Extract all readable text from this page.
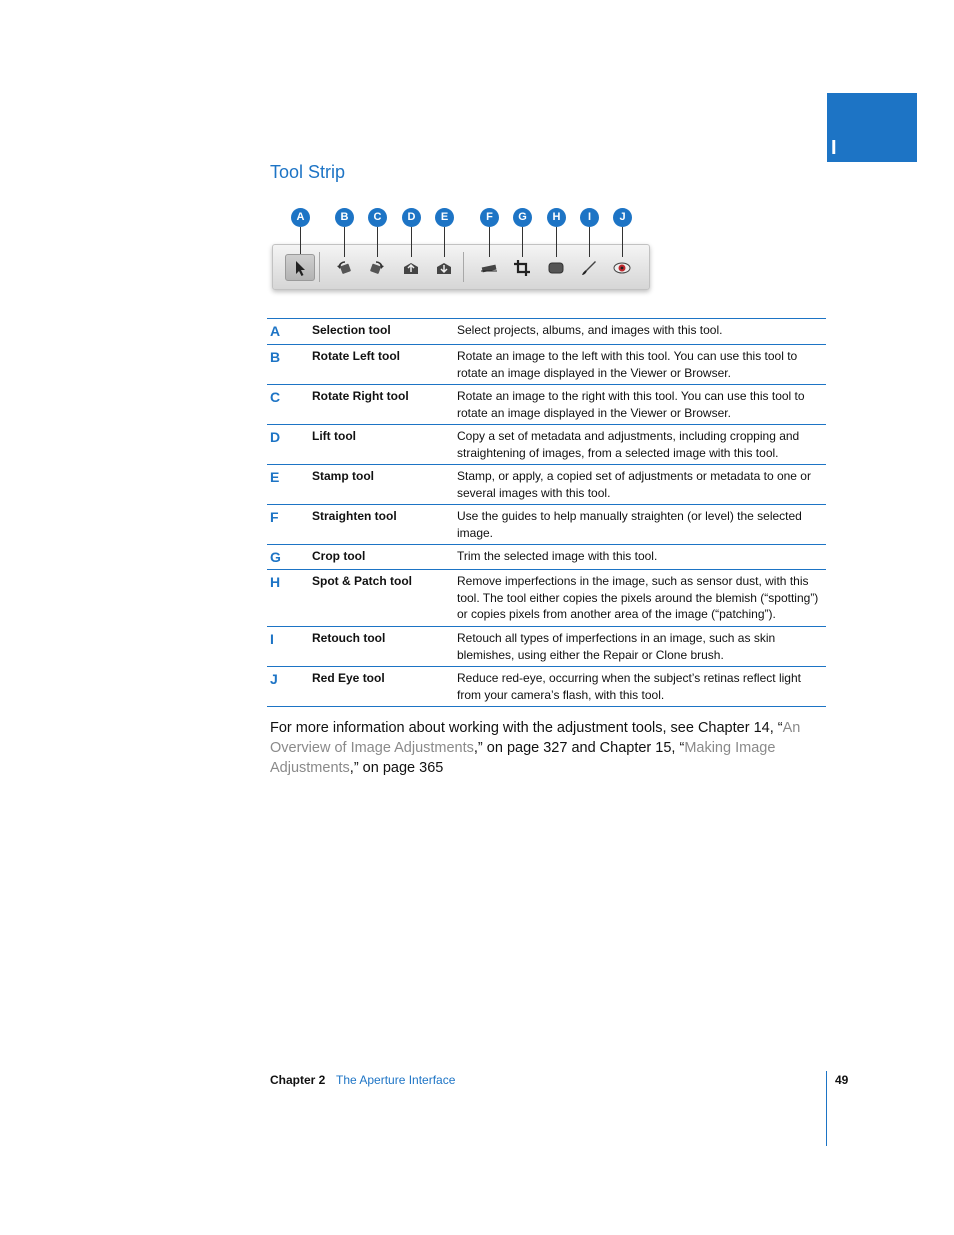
I
Tool Strip
A	B	C	D	E	F	G	H	I	J
A	Selection tool	Select projects, albums, and images with this tool.
B	Rotate Left tool	Rotate an image to the left with this tool. You can use this tool to rotate an image displayed in the Viewer or Browser.
C	Rotate Right tool	Rotate an image to the right with this tool. You can use this tool to rotate an image displayed in the Viewer or Browser.
D	Lift tool	Copy a set of metadata and adjustments, including cropping and straightening of images, from a selected image with this tool.
E	Stamp tool	Stamp, or apply, a copied set of adjustments or metadata to one or several images with this tool.
F	Straighten tool	Use the guides to help manually straighten (or level) the selected image.
G	Crop tool	Trim the selected image with this tool.
H	Spot & Patch tool	Remove imperfections in the image, such as sensor dust, with this tool. The tool either copies the pixels around the blemish (“spotting”) or copies pixels from another area of the image (“patching”).
I	Retouch tool	Retouch all types of imperfections in an image, such as skin blemishes, using either the Repair or Clone brush.
J	Red Eye tool	Reduce red-eye, occurring when the subject’s retinas reflect light from your camera’s flash, with this tool.
For more information about working with the adjustment tools, see Chapter 14, “An Overview of Image Adjustments,” on page 327 and Chapter 15, “Making Image Adjustments,” on page 365
Chapter 2 The Aperture Interface	49
